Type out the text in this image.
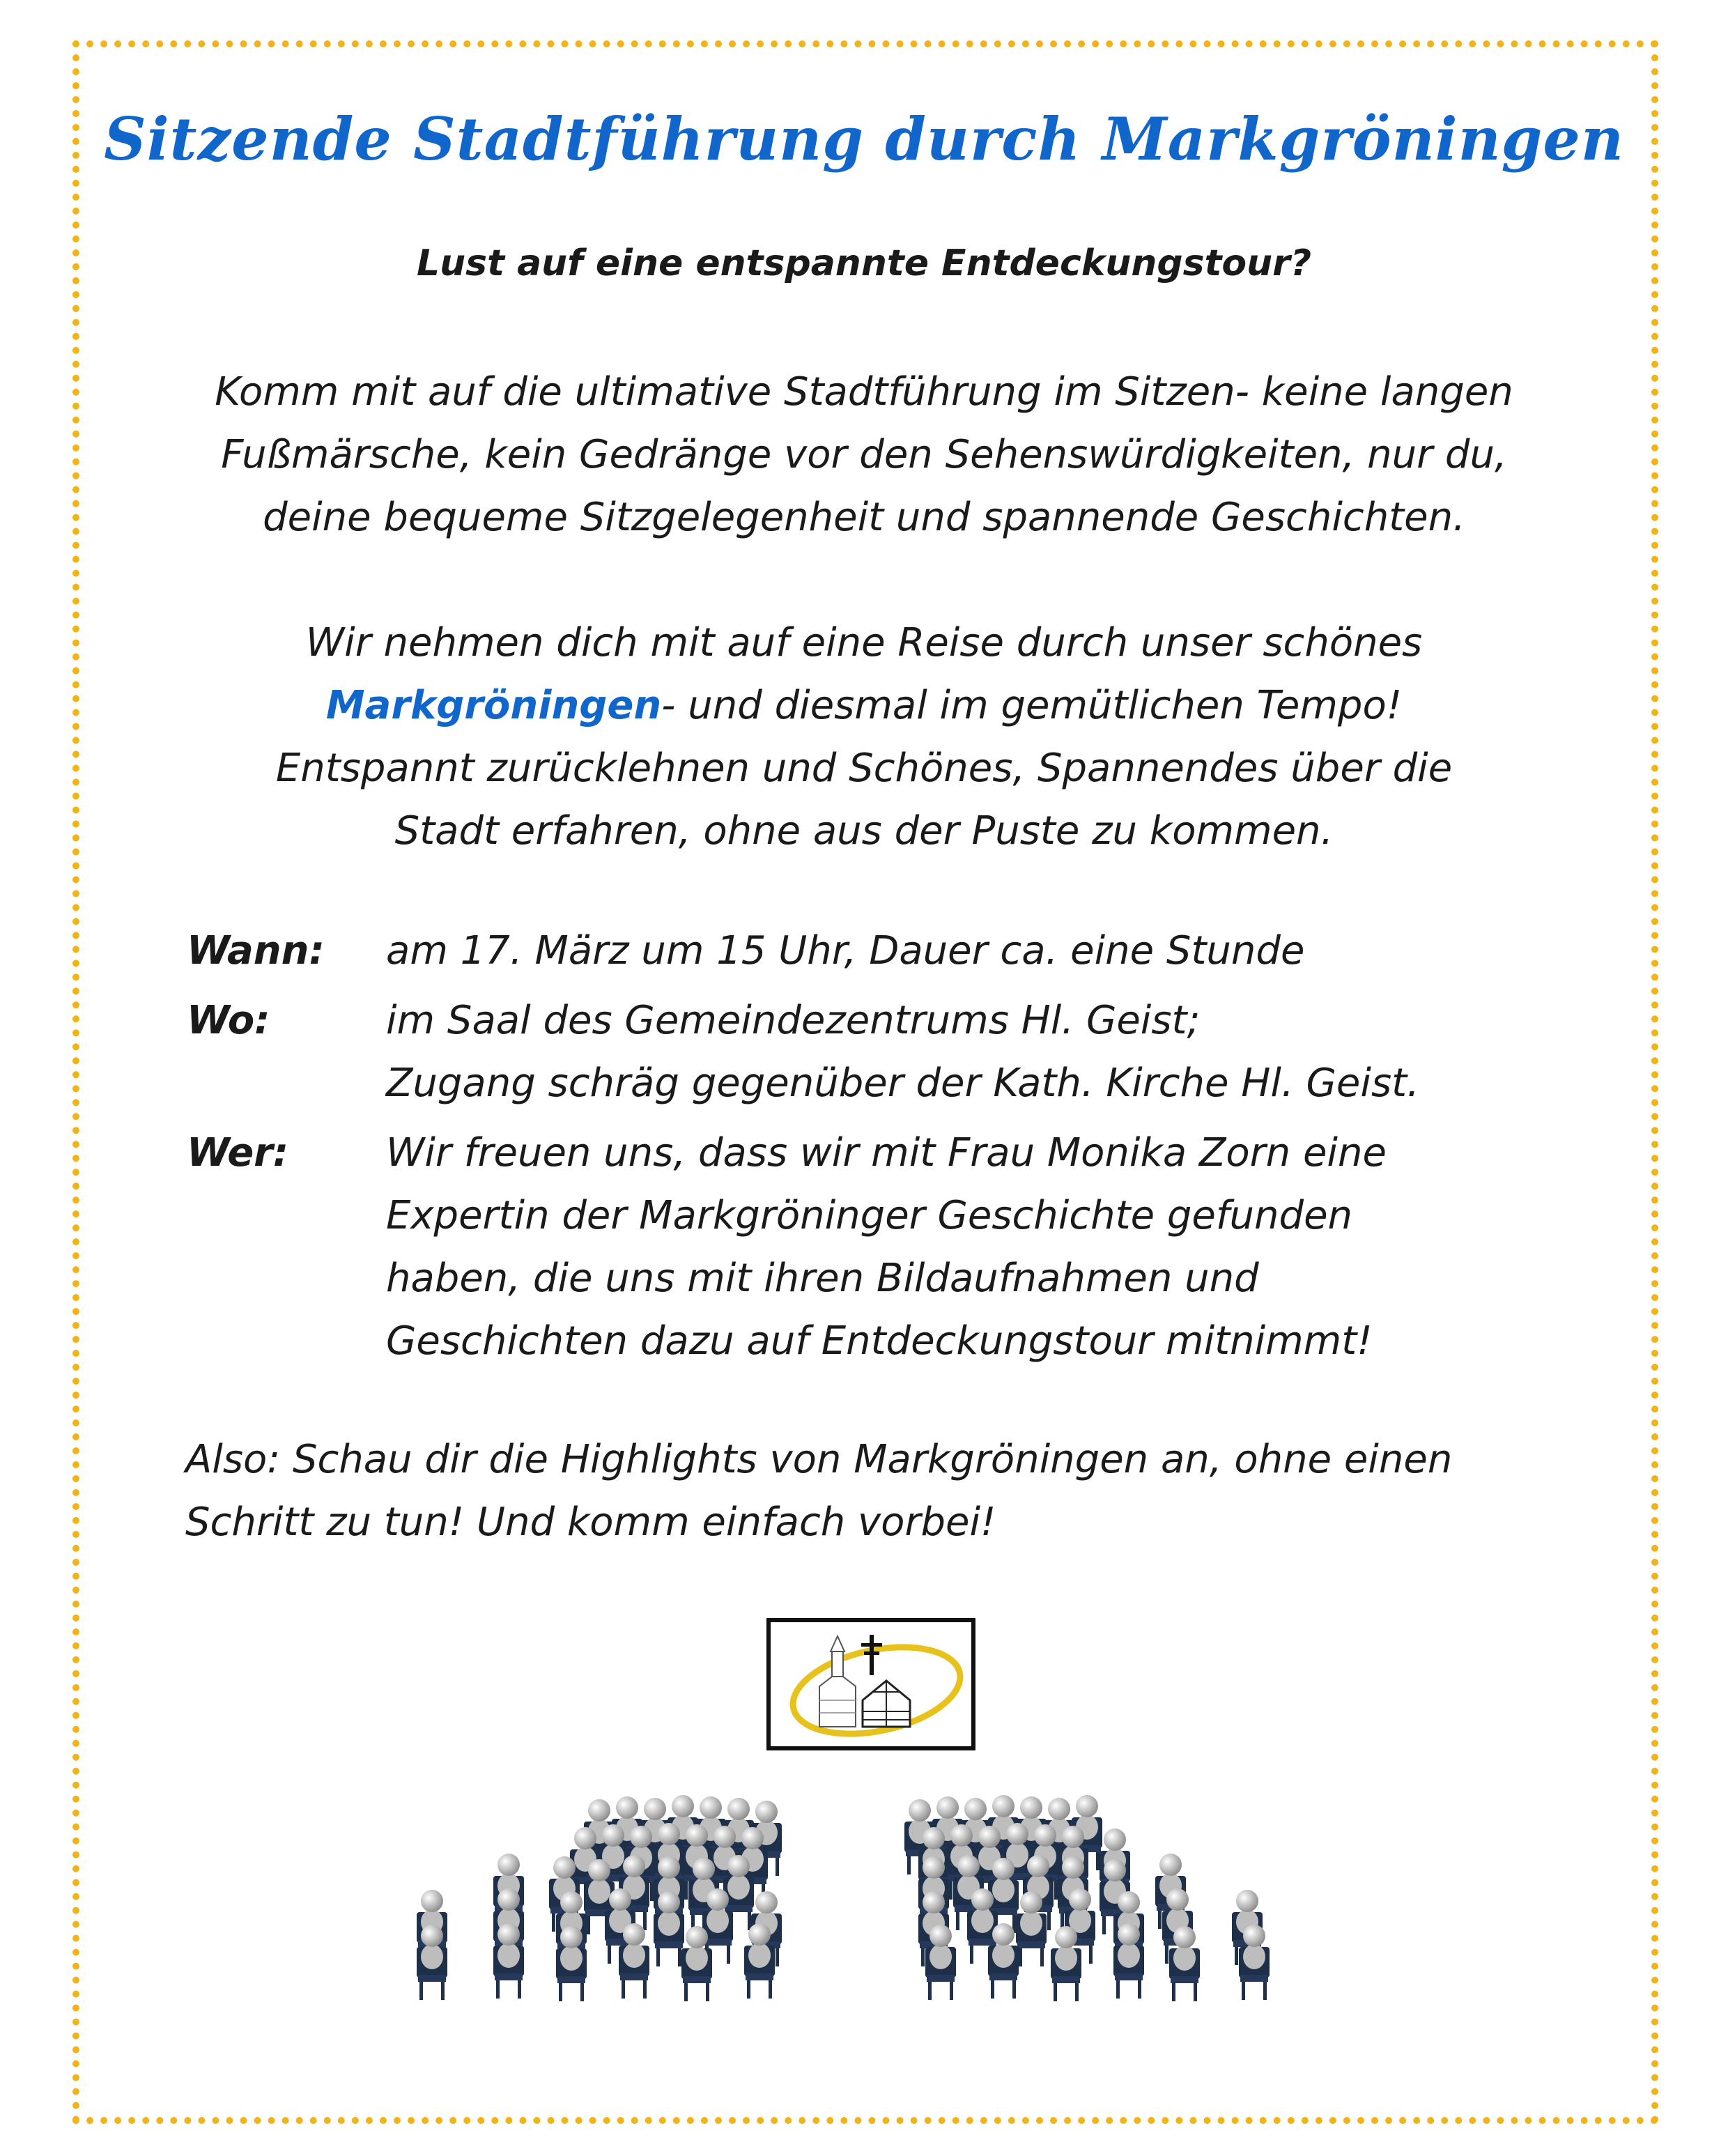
Sitzende Stadtführung durch Markgröningen

Lust auf eine entspannte Entdeckungstour?

Komm mit auf die ultimative Stadtführung im Sitzen- keine langen
Fußmärsche, kein Gedränge vor den Sehenswürdigkeiten, nur du,
deine bequeme Sitzgelegenheit und spannende Geschichten.

Wir nehmen dich mit auf eine Reise durch unser schönes
Markgröningen- und diesmal im gemütlichen Tempo!
Entspannt zurücklehnen und Schönes, Spannendes über die
Stadt erfahren, ohne aus der Puste zu kommen.

Wann:	am 17. März um 15 Uhr, Dauer ca. eine Stunde
Wo:	im Saal des Gemeindezentrums Hl. Geist;
Zugang schräg gegenüber der Kath. Kirche Hl. Geist.
Wer:	Wir freuen uns, dass wir mit Frau Monika Zorn eine
Expertin der Markgröninger Geschichte gefunden
haben, die uns mit ihren Bildaufnahmen und
Geschichten dazu auf Entdeckungstour mitnimmt!

Also: Schau dir die Highlights von Markgröningen an, ohne einen
Schritt zu tun! Und komm einfach vorbei!
